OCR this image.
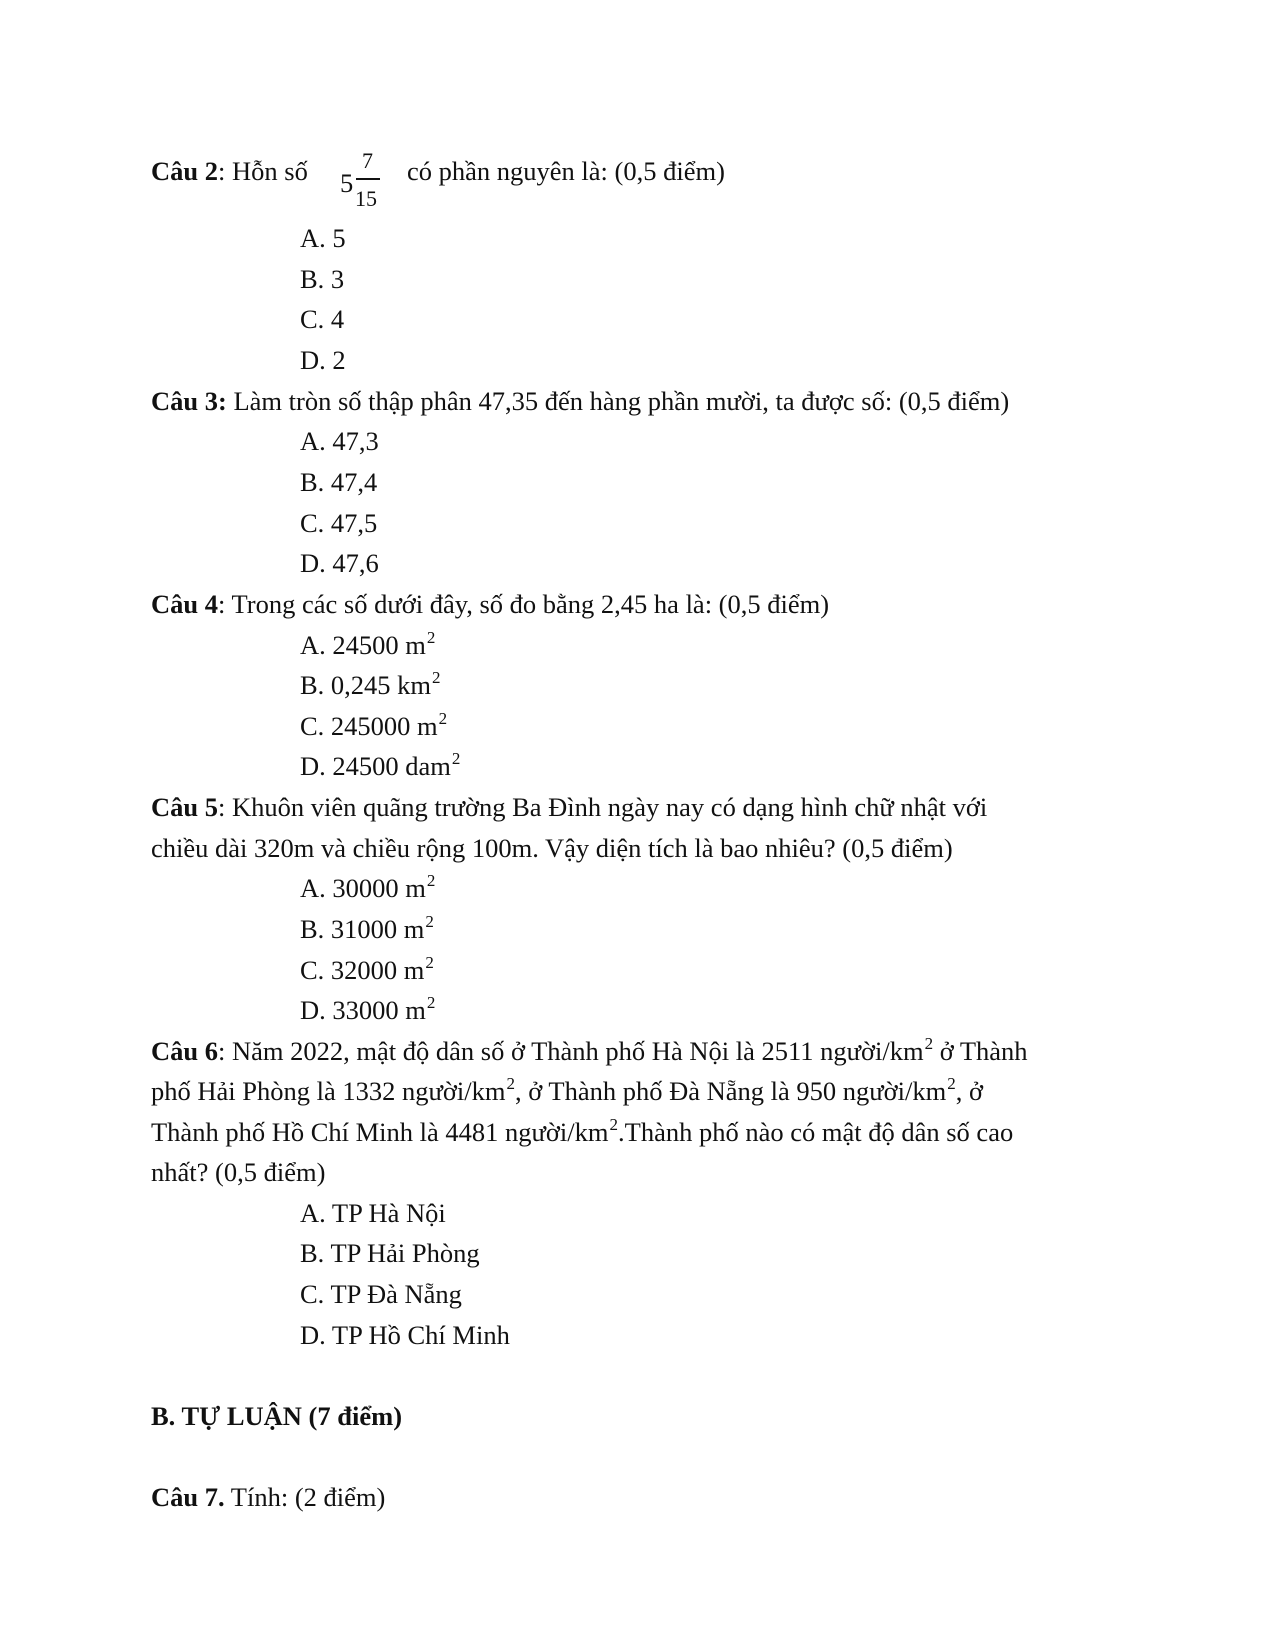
Câu 2: Hỗn số 5
7
15
có phần nguyên là: (0,5 điểm)
A. 5
B. 3
C. 4
D. 2
Câu 3: Làm tròn số thập phân 47,35 đến hàng phần mười, ta được số: (0,5 điểm)
A. 47,3
B. 47,4
C. 47,5
D. 47,6
Câu 4: Trong các số dưới đây, số đo bằng 2,45 ha là: (0,5 điểm)
A. 24500 $m^2$
B. 0,245 $km^2$
C. 245000 $m^2$
D. 24500 dam$^2$
Câu 5: Khuôn viên quãng trường Ba Đình ngày nay có dạng hình chữ nhật với
chiều dài 320m và chiều rộng 100m. Vậy diện tích là bao nhiêu? (0,5 điểm)
A. 30000 $m^2$
B. 31000 $m^2$
C. 32000 $m^2$
D. 33000 $m^2$
Câu 6: Năm 2022, mật độ dân số ở Thành phố Hà Nội là 2511 người/$km^2$ ở Thành
phố Hải Phòng là 1332 người/$km^2$, ở Thành phố Đà Nẵng là 950 người/$km^2$, ở
Thành phố Hồ Chí Minh là 4481 người/$km^2.Thành$ phố nào có mật độ dân số cao
nhất? (0,5 điểm)
A. TP Hà Nội
B. TP Hải Phòng
C. TP Đà Nẵng
D. TP Hồ Chí Minh
B. TỰ LUẬN (7 điểm)
Câu 7. Tính: (2 điểm)
